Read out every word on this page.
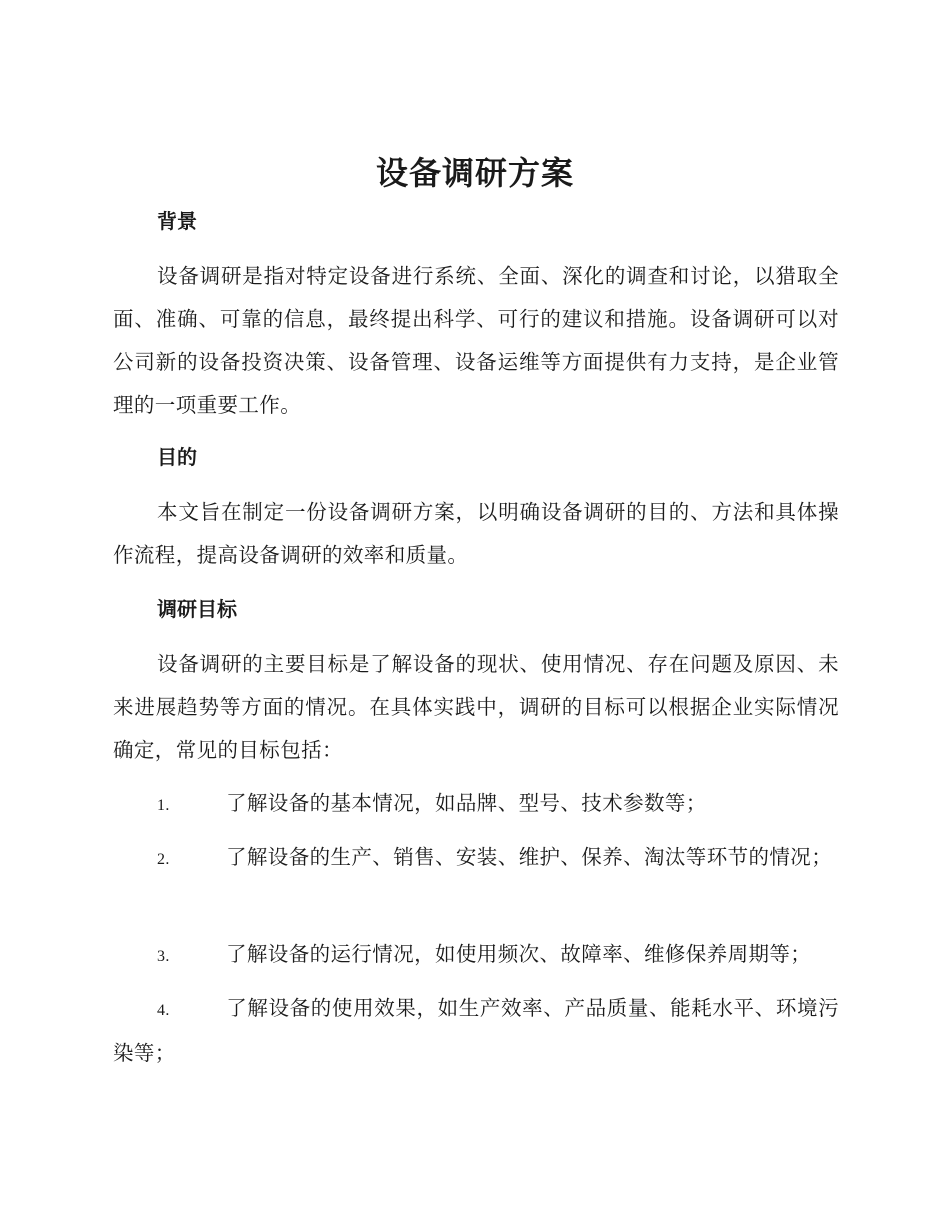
设备调研方案
背景

设备调研是指对特定设备进行系统、全面、深化的调查和讨论，以猎取全面、准确、可靠的信息，最终提出科学、可行的建议和措施。设备调研可以对公司新的设备投资决策、设备管理、设备运维等方面提供有力支持，是企业管理的一项重要工作。

目的

本文旨在制定一份设备调研方案，以明确设备调研的目的、方法和具体操作流程，提高设备调研的效率和质量。

调研目标

设备调研的主要目标是了解设备的现状、使用情况、存在问题及原因、未来进展趋势等方面的情况。在具体实践中，调研的目标可以根据企业实际情况确定，常见的目标包括：

1.	了解设备的基本情况，如品牌、型号、技术参数等；

2.	了解设备的生产、销售、安装、维护、保养、淘汰等环节的情况；

3.	了解设备的运行情况，如使用频次、故障率、维修保养周期等；

4.	了解设备的使用效果，如生产效率、产品质量、能耗水平、环境污染等；
